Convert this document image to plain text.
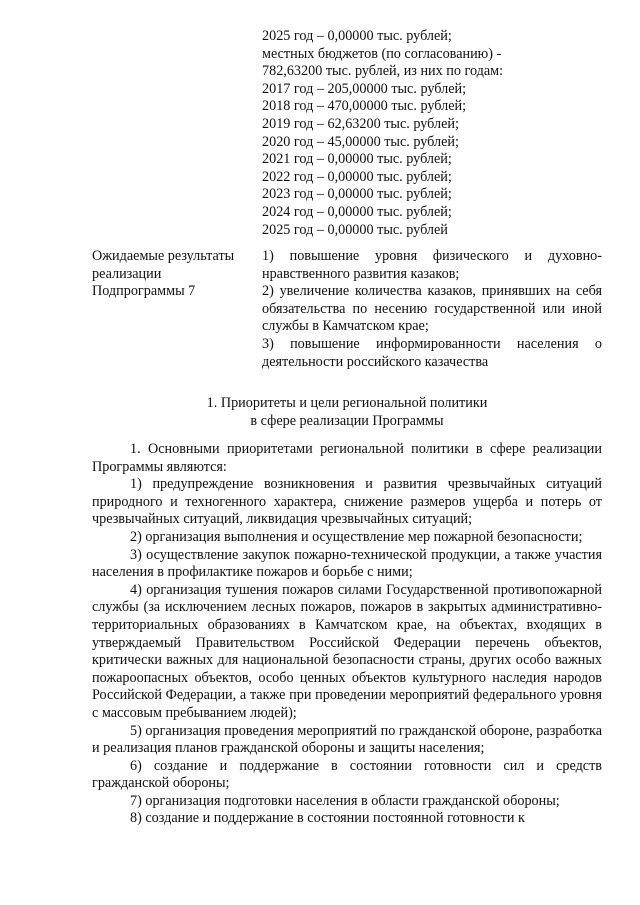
2025 год – 0,00000 тыс. рублей;
местных бюджетов (по согласованию) -
782,63200 тыс. рублей, из них по годам:
2017 год – 205,00000 тыс. рублей;
2018 год – 470,00000 тыс. рублей;
2019 год – 62,63200 тыс. рублей;
2020 год – 45,00000 тыс. рублей;
2021 год – 0,00000 тыс. рублей;
2022 год – 0,00000 тыс. рублей;
2023 год – 0,00000 тыс. рублей;
2024 год – 0,00000 тыс. рублей;
2025 год – 0,00000 тыс. рублей
Ожидаемые результаты
реализации
Подпрограммы 7

1) повышение уровня физического и духовно-нравственного развития казаков;

2) увеличение количества казаков, принявших на себя обязательства по несению государственной или иной службы в Камчатском крае;

3) повышение информированности населения о деятельности российского казачества

1. Приоритеты и цели региональной политики
в сфере реализации Программы

1. Основными приоритетами региональной политики в сфере реализации Программы являются:

1) предупреждение возникновения и развития чрезвычайных ситуаций природного и техногенного характера, снижение размеров ущерба и потерь от чрезвычайных ситуаций, ликвидация чрезвычайных ситуаций;

2) организация выполнения и осуществление мер пожарной безопасности;

3) осуществление закупок пожарно-технической продукции, а также участия населения в профилактике пожаров и борьбе с ними;

4) организация тушения пожаров силами Государственной противопожарной службы (за исключением лесных пожаров, пожаров в закрытых административно-территориальных образованиях в Камчатском крае, на объектах, входящих в утверждаемый Правительством Российской Федерации перечень объектов, критически важных для национальной безопасности страны, других особо важных пожароопасных объектов, особо ценных объектов культурного наследия народов Российской Федерации, а также при проведении мероприятий федерального уровня с массовым пребыванием людей);

5) организация проведения мероприятий по гражданской обороне, разработка и реализация планов гражданской обороны и защиты населения;

6) создание и поддержание в состоянии готовности сил и средств гражданской обороны;

7) организация подготовки населения в области гражданской обороны;

8) создание и поддержание в состоянии постоянной готовности к
